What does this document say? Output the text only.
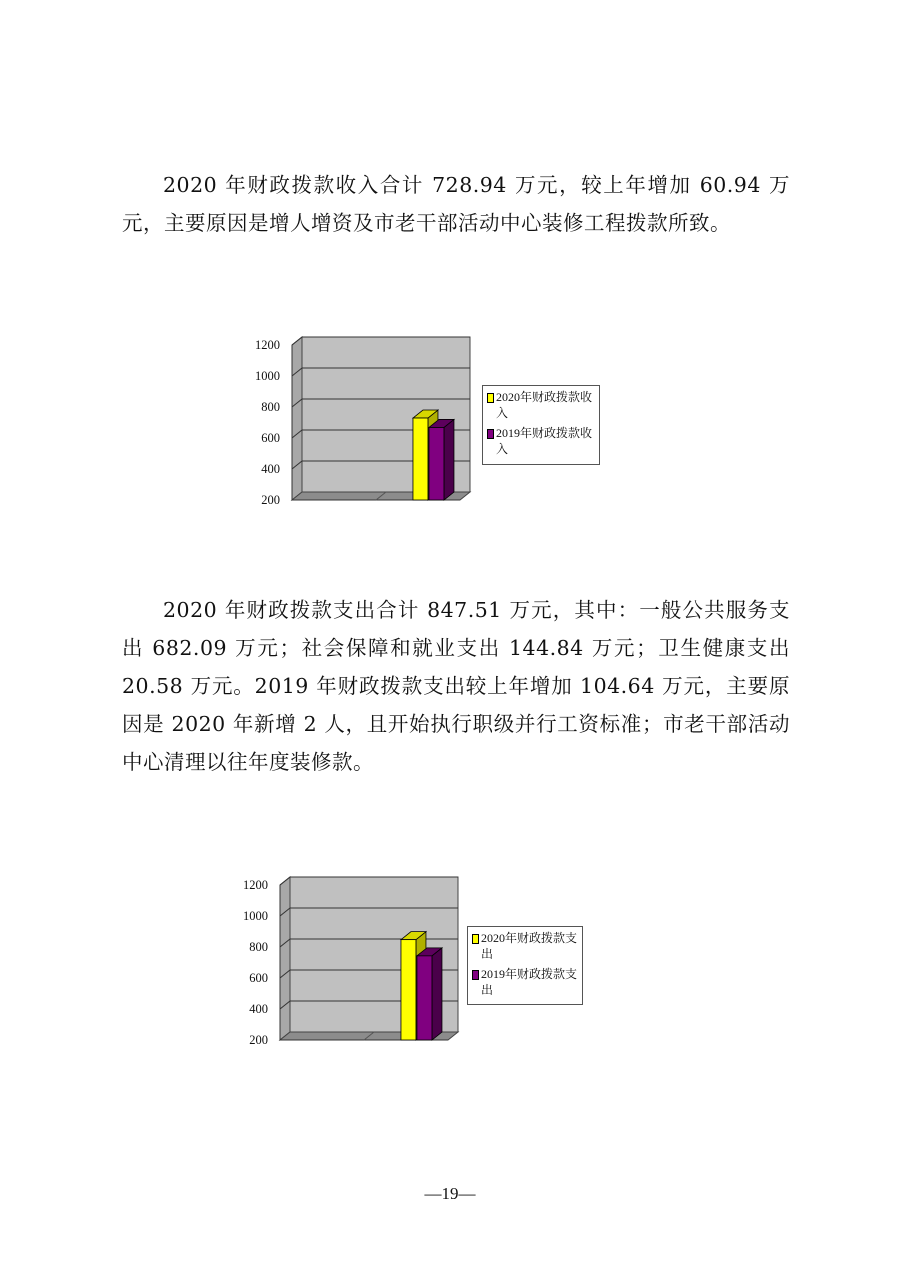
2020 年财政拨款收入合计 728.94 万元，较上年增加 60.94 万元，主要原因是增人增资及市老干部活动中心装修工程拨款所致。

200
400
600
800
1000
1200
2020年财政拨款收入
2019年财政拨款收入

2020 年财政拨款支出合计 847.51 万元，其中：一般公共服务支出 682.09 万元；社会保障和就业支出 144.84 万元；卫生健康支出 20.58 万元。2019 年财政拨款支出较上年增加 104.64 万元，主要原因是 2020 年新增 2 人，且开始执行职级并行工资标准；市老干部活动中心清理以往年度装修款。

200
400
600
800
1000
1200
2020年财政拨款支出
2019年财政拨款支出
—19—
